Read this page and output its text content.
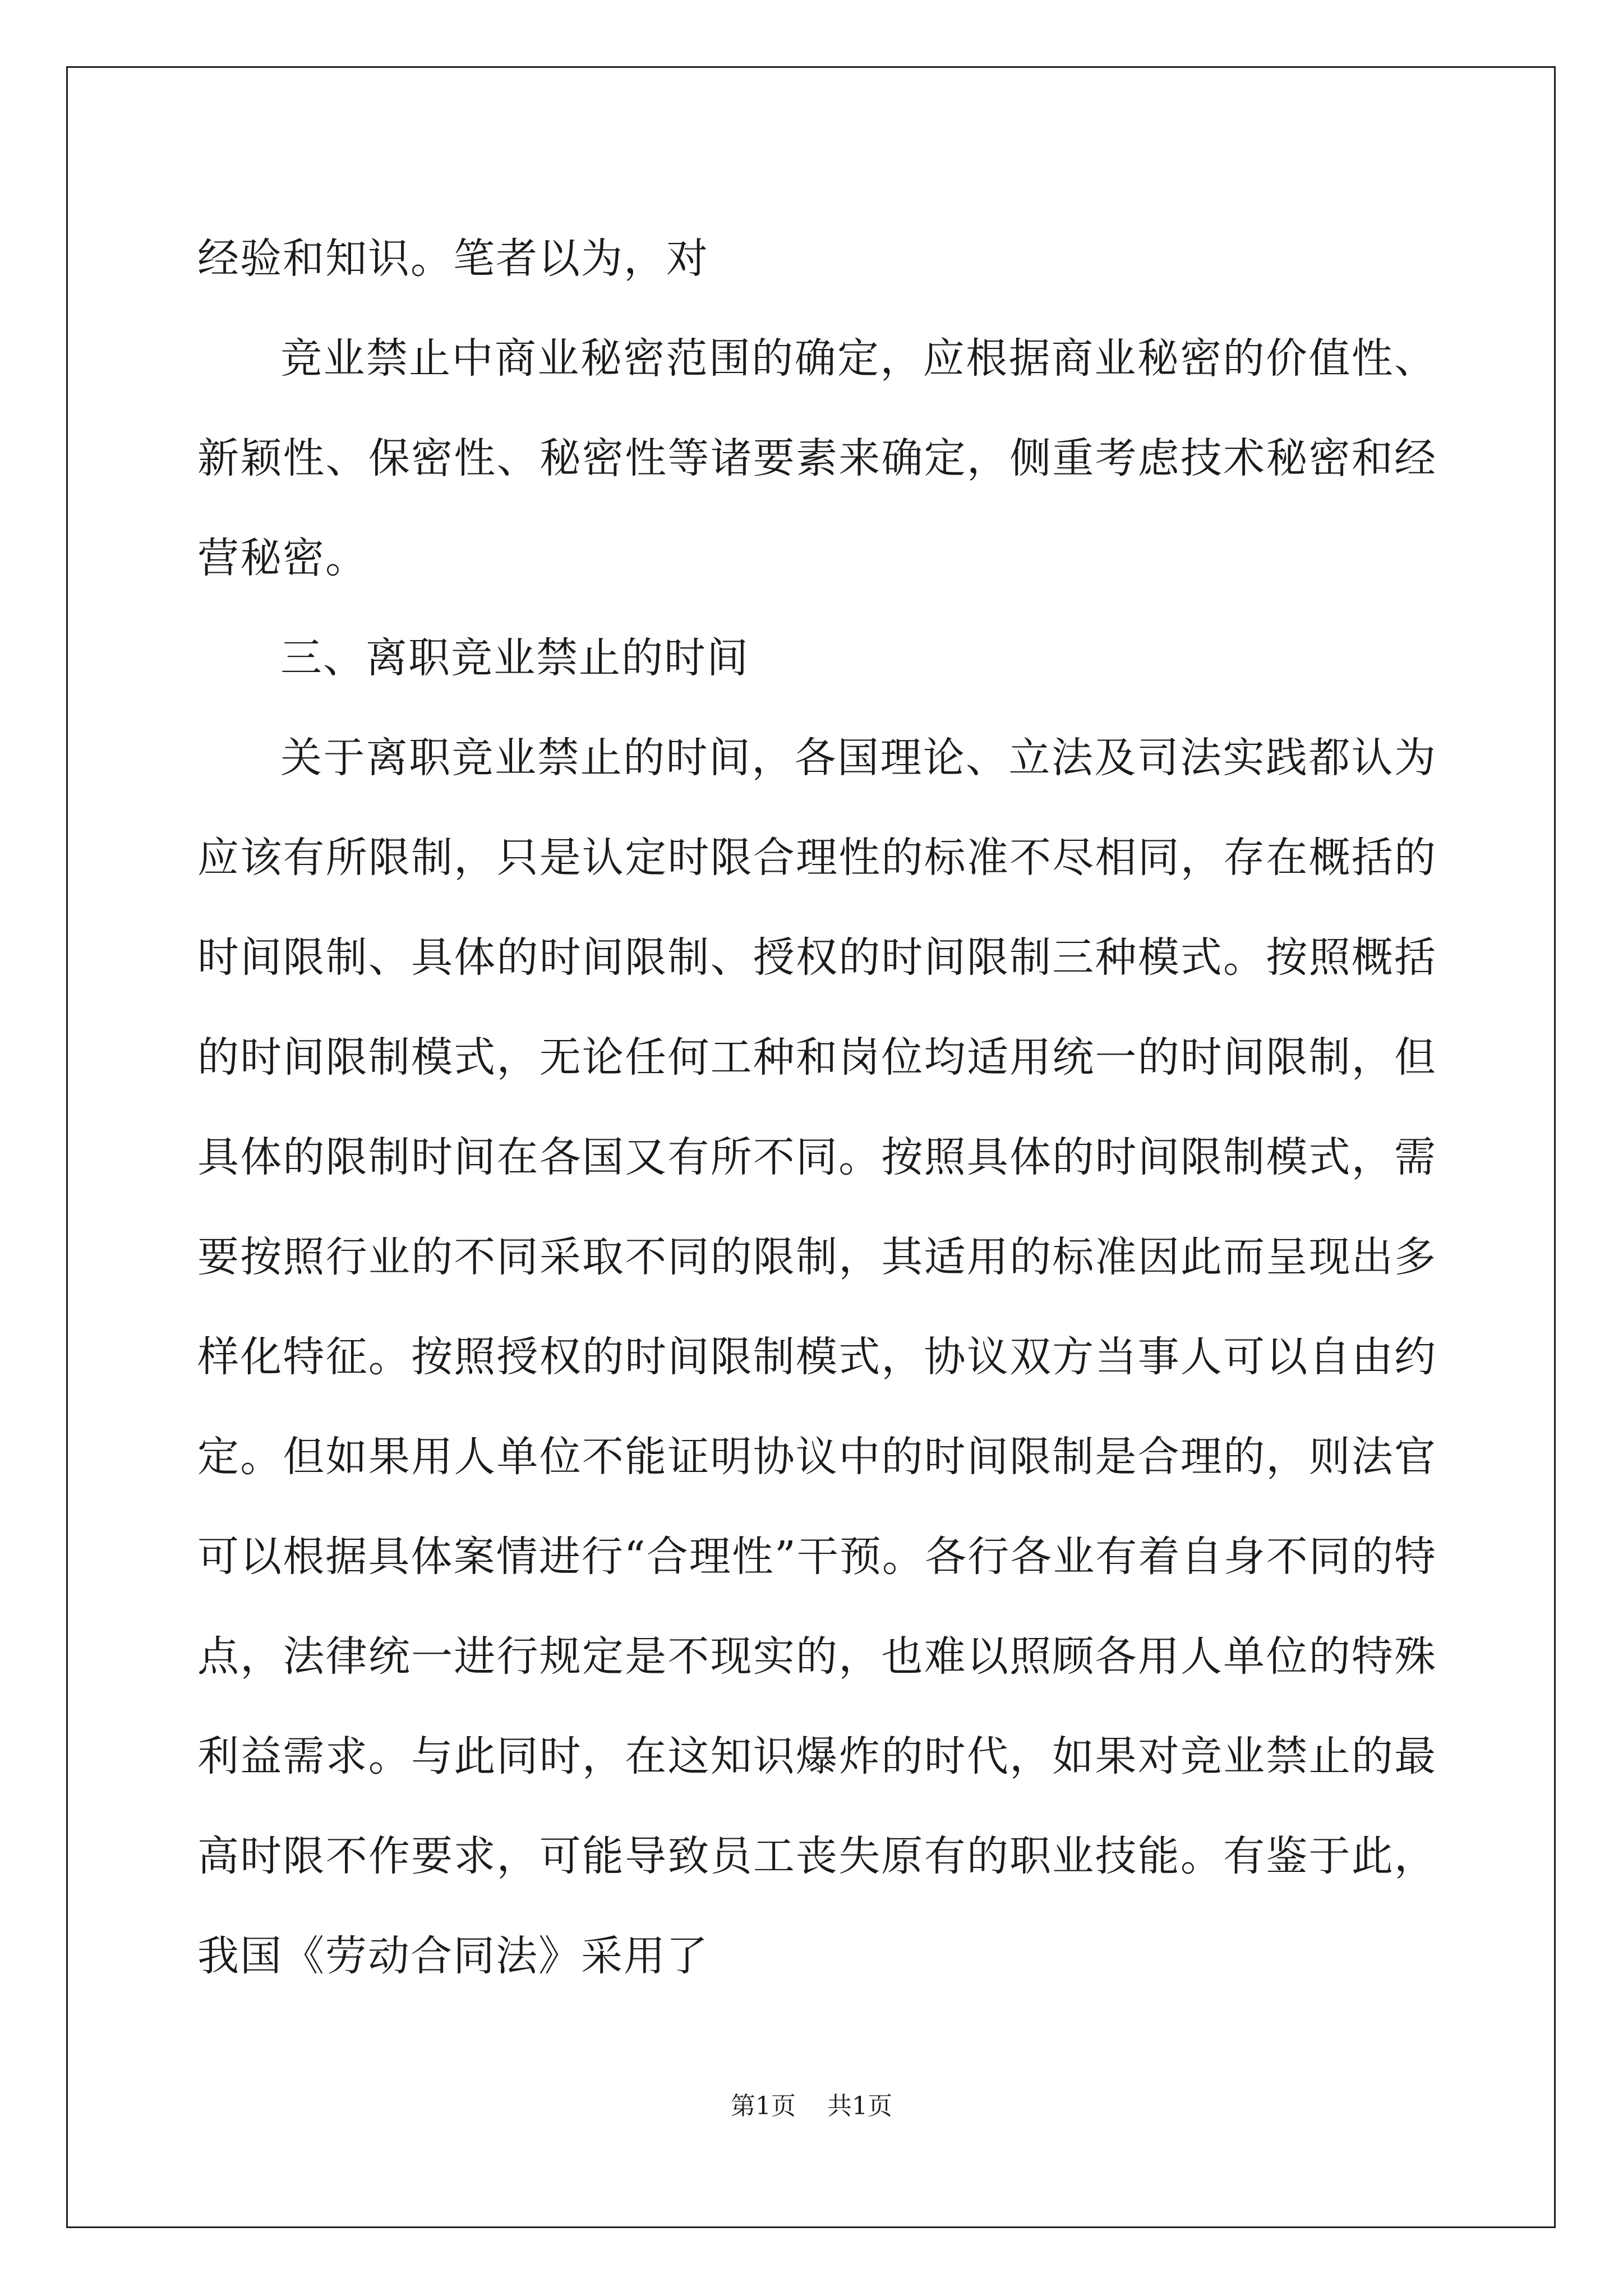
经验和知识。笔者以为，对

竞业禁止中商业秘密范围的确定，应根据商业秘密的价值性、新颖性、保密性、秘密性等诸要素来确定，侧重考虑技术秘密和经营秘密。

三、离职竞业禁止的时间

关于离职竞业禁止的时间，各国理论、立法及司法实践都认为应该有所限制，只是认定时限合理性的标准不尽相同，存在概括的时间限制、具体的时间限制、授权的时间限制三种模式。按照概括的时间限制模式，无论任何工种和岗位均适用统一的时间限制，但具体的限制时间在各国又有所不同。按照具体的时间限制模式，需要按照行业的不同采取不同的限制，其适用的标准因此而呈现出多样化特征。按照授权的时间限制模式，协议双方当事人可以自由约定。但如果用人单位不能证明协议中的时间限制是合理的，则法官可以根据具体案情进行“合理性”干预。各行各业有着自身不同的特点，法律统一进行规定是不现实的，也难以照顾各用人单位的特殊利益需求。与此同时，在这知识爆炸的时代，如果对竞业禁止的最高时限不作要求，可能导致员工丧失原有的职业技能。有鉴于此，我国《劳动合同法》采用了

第1页 共1页
